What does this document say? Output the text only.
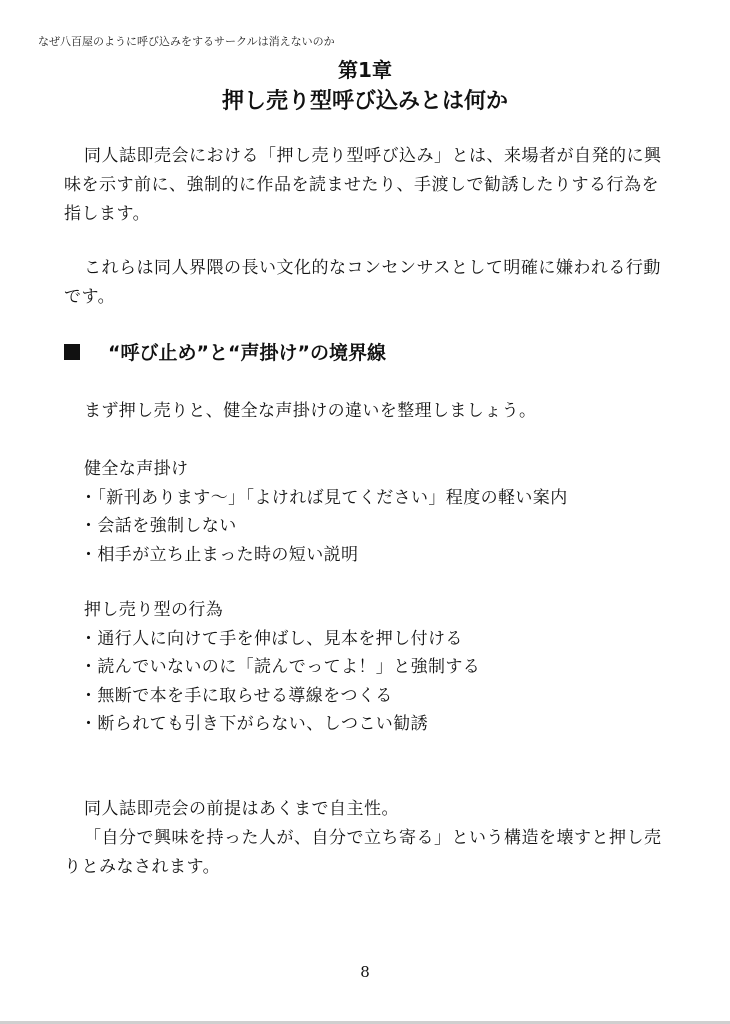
なぜ八百屋のように呼び込みをするサークルは消えないのか
第1章
押し売り型呼び込みとは何か
同人誌即売会における「押し売り型呼び込み」とは、来場者が自発的に興味を示す前に、強制的に作品を読ませたり、手渡しで勧誘したりする行為を指します。
これらは同人界隈の長い文化的なコンセンサスとして明確に嫌われる行動です。
“呼び止め”と“声掛け”の境界線
まず押し売りと、健全な声掛けの違いを整理しましょう。
健全な声掛け
・「新刊あります～」「よければ見てください」程度の軽い案内
・会話を強制しない
・相手が立ち止まった時の短い説明
押し売り型の行為
・通行人に向けて手を伸ばし、見本を押し付ける
・読んでいないのに「読んでってよ！」と強制する
・無断で本を手に取らせる導線をつくる
・断られても引き下がらない、しつこい勧誘
同人誌即売会の前提はあくまで自主性。
「自分で興味を持った人が、自分で立ち寄る」という構造を壊すと押し売りとみなされます。
8
